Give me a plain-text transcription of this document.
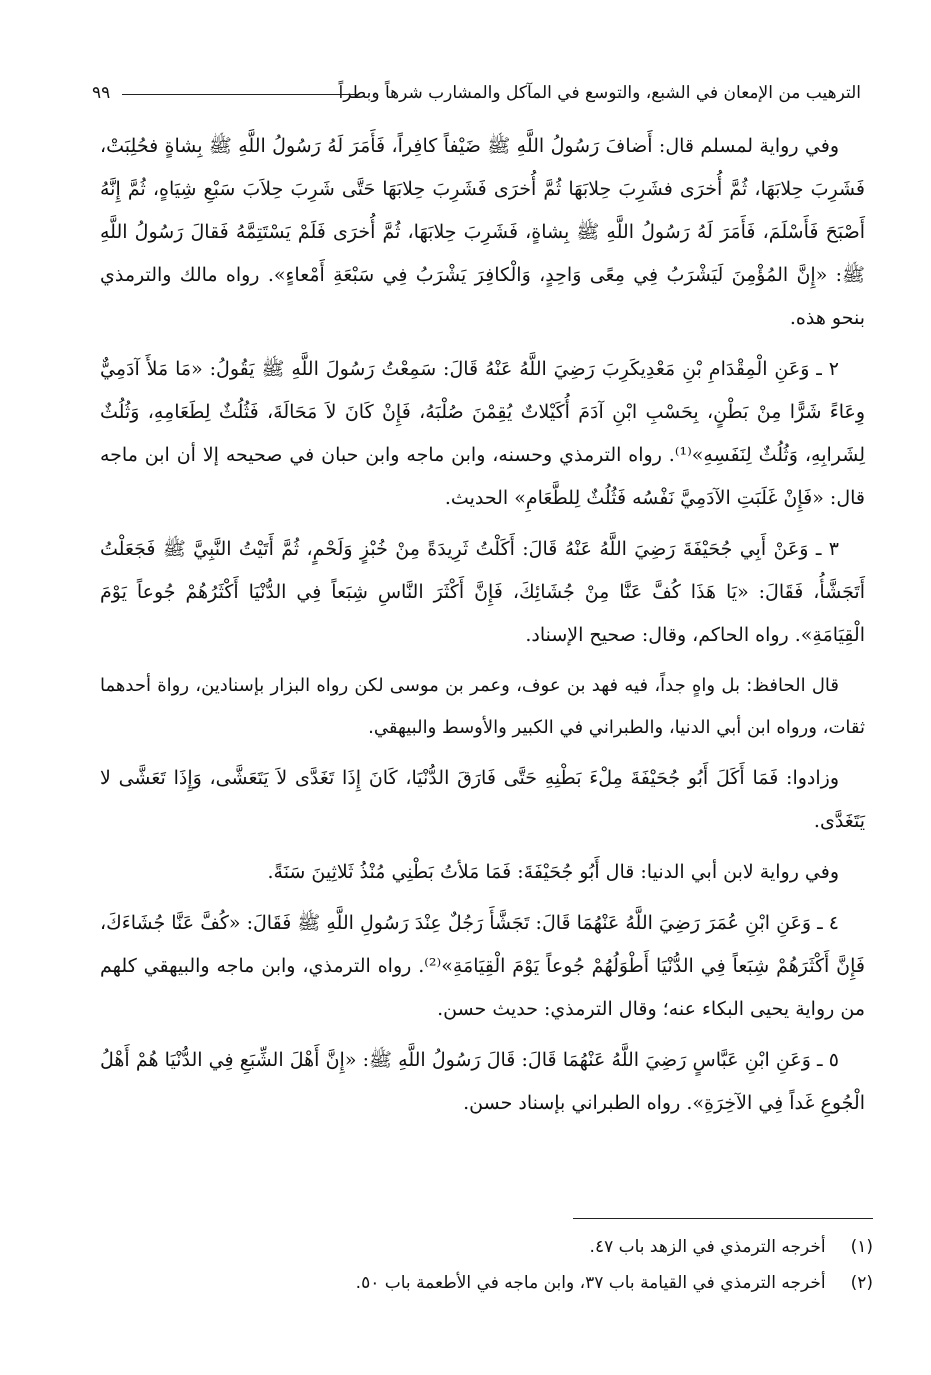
الترهيب من الإمعان في الشبع، والتوسع في المآكل والمشارب شرهاً وبطراً
٩٩

وفي رواية لمسلم قال: أَضافَ رَسُولُ اللَّهِ ﷺ ضَيْفاً كافِراً، فَأَمَرَ لَهُ رَسُولُ اللَّهِ ﷺ بِشاةٍ فحُلِبَتْ، فَشَرِبَ حِلابَهَا، ثُمَّ أُخرَى فشَرِبَ حِلابَهَا ثُمَّ أُخرَى فَشَرِبَ حِلابَهَا حَتَّى شَرِبَ حِلاَبَ سَبْعِ شِيَاهٍ، ثُمَّ إِنَّهُ أَصْبَحَ فَأَسْلَمَ، فَأَمَرَ لَهُ رَسُولُ اللَّهِ ﷺ بِشاةٍ، فَشَرِبَ حِلابَهَا، ثُمَّ أُخرَى فَلَمْ يَسْتَتِمَّهُ فَقالَ رَسُولُ اللَّهِ ﷺ: «إِنَّ المُؤْمِنَ لَيَشْرَبُ فِي مِعًى وَاحِدٍ، وَالْكافِرَ يَشْرَبُ فِي سَبْعَةِ أَمْعاءٍ». رواه مالك والترمذي بنحو هذه.

٢ ـ وَعَنِ الْمِقْدَامِ بْنِ مَعْدِيكَرِبَ رَضِيَ اللَّهُ عَنْهُ قَالَ: سَمِعْتُ رَسُولَ اللَّهِ ﷺ يَقُولُ: «مَا مَلأَ آدَمِيٌّ وِعَاءً شَرًّا مِنْ بَطْنٍ، بِحَسْبِ ابْنِ آدَمَ أُكَيْلاتٌ يُقِمْنَ صُلْبَهُ، فَإِنْ كَانَ لاَ مَحَالَةَ، فَثُلُثٌ لِطَعَامِهِ، وَثُلُثٌ لِشَرابِهِ، وَثُلُثٌ لِنَفَسِهِ»⁽¹⁾. رواه الترمذي وحسنه، وابن ماجه وابن حبان في صحيحه إلا أن ابن ماجه قال: «فَإِنْ غَلَبَتِ الآدَمِيَّ نَفْسُه فَثُلُثٌ لِلطَّعَامِ» الحديث.

٣ ـ وَعَنْ أَبِي جُحَيْفَةَ رَضِيَ اللَّهُ عَنْهُ قَالَ: أَكَلْتُ ثَرِيدَةً مِنْ خُبْزٍ وَلَحْمٍ، ثُمَّ أَتَيْتُ النَّبِيَّ ﷺ فَجَعَلْتُ أَتَجَشَّأُ، فَقَالَ: «يَا هَذَا كُفَّ عَنَّا مِنْ جُشَائِكَ، فَإِنَّ أَكْثَرَ النَّاسِ شِبَعاً فِي الدُّنْيَا أَكْثَرُهُمْ جُوعاً يَوْمَ الْقِيَامَةِ». رواه الحاكم، وقال: صحيح الإسناد.

قال الحافظ: بل واهٍ جداً، فيه فهد بن عوف، وعمر بن موسى لكن رواه البزار بإسنادين، رواة أحدهما ثقات، ورواه ابن أبي الدنيا، والطبراني في الكبير والأوسط والبيهقي.

وزادوا: فَمَا أَكَلَ أَبُو جُحَيْفَةَ مِلْءَ بَطْنِهِ حَتَّى فَارَقَ الدُّنْيَا، كَانَ إِذَا تَغَدَّى لاَ يَتَعَشَّى، وَإِذَا تَعَشَّى لا يَتَغَدَّى.

وفي رواية لابن أبي الدنيا: قال أَبُو جُحَيْفَةَ: فَمَا مَلأتُ بَطْنِي مُنْذُ ثَلاثِينَ سَنَةً.

٤ ـ وَعَنِ ابْنِ عُمَرَ رَضِيَ اللَّهُ عَنْهُمَا قَالَ: تَجَشَّأَ رَجُلٌ عِنْدَ رَسُولِ اللَّهِ ﷺ فَقَالَ: «كُفَّ عَنَّا جُشَاءَكَ، فَإِنَّ أَكْثَرَهُمْ شِبَعاً فِي الدُّنْيَا أَطْوَلُهُمْ جُوعاً يَوْمَ الْقِيَامَةِ»⁽²⁾. رواه الترمذي، وابن ماجه والبيهقي كلهم من رواية يحيى البكاء عنه؛ وقال الترمذي: حديث حسن.

٥ ـ وَعَنِ ابْنِ عَبَّاسٍ رَضِيَ اللَّهُ عَنْهُمَا قَالَ: قَالَ رَسُولُ اللَّهِ ﷺ: «إِنَّ أَهْلَ الشِّبَعِ فِي الدُّنْيَا هُمْ أَهْلُ الْجُوعِ غَداً فِي الآخِرَةِ». رواه الطبراني بإسناد حسن.

(١) أخرجه الترمذي في الزهد باب ٤٧.

(٢) أخرجه الترمذي في القيامة باب ٣٧، وابن ماجه في الأطعمة باب ٥٠.
